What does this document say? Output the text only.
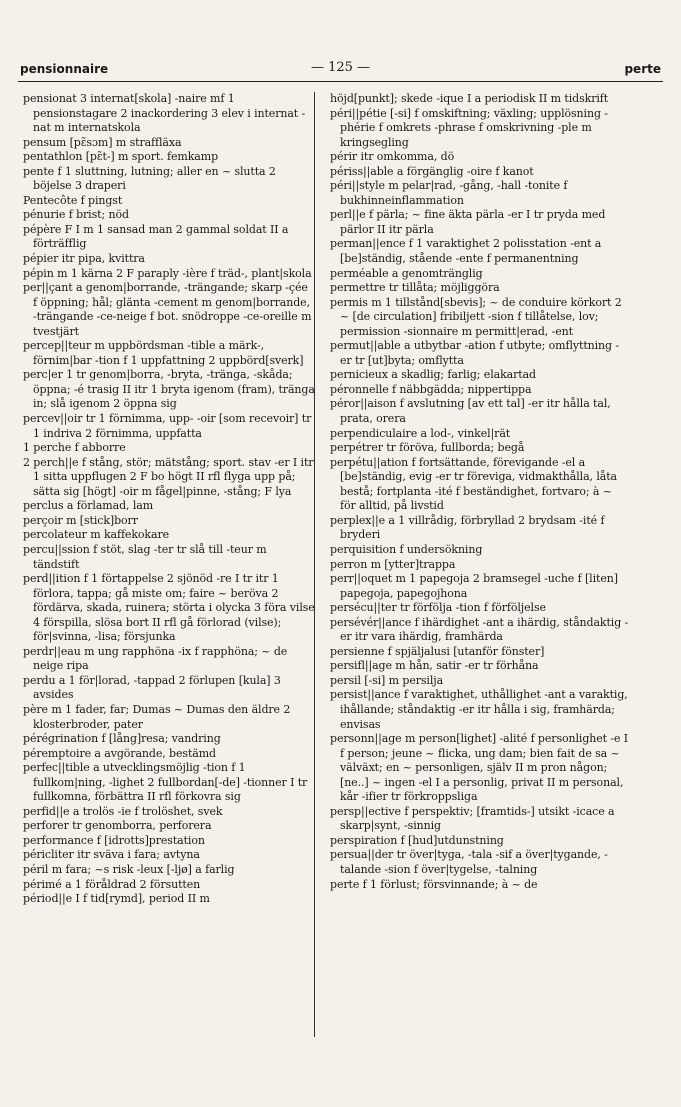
pensionnaire	— 125 —	perte

pensionat 3 internat[skola] -naire mf 1 pensionstagare 2 inackordering 3 elev i internat -nat m internatskola

pensum [pɛ̃sɔm] m straffläxa

pentathlon [pɛ̃t-] m sport. femkamp

pente f 1 sluttning, lutning; aller en ~ slutta 2 böjelse 3 draperi

Pentecôte f pingst

pénurie f brist; nöd

pépère F I m 1 sansad man 2 gammal soldat II a förträfflig

pépier itr pipa, kvittra

pépin m 1 kärna 2 F paraply -ière f träd-, plant|skola

per||çant a genom|borrande, -trängande; skarp -çée f öppning; hål; glänta -cement m genom|borrande, -trängande -ce-neige f bot. snödroppe -ce-oreille m tvestjärt

percep||teur m uppbördsman -tible a märk-, förnim|bar -tion f 1 uppfattning 2 uppbörd[sverk]

perc|er 1 tr genom|borra, -bryta, -tränga, -skåda; öppna; -é trasig II itr 1 bryta igenom (fram), tränga in; slå igenom 2 öppna sig

percev||oir tr 1 förnimma, upp- -oir [som recevoir] tr 1 indriva 2 förnimma, uppfatta

1 perche f abborre

2 perch||e f stång, stör; mätstång; sport. stav -er I itr 1 sitta uppflugen 2 F bo högt II rfl flyga upp på; sätta sig [högt] -oir m fågel|pinne, -stång; F lya

perclus a förlamad, lam

perçoir m [stick]borr

percolateur m kaffekokare

percu||ssion f stöt, slag -ter tr slå till -teur m tändstift

perd||ition f 1 förtappelse 2 sjönöd -re I tr itr 1 förlora, tappa; gå miste om; faire ~ beröva 2 fördärva, skada, ruinera; störta i olycka 3 föra vilse 4 förspilla, slösa bort II rfl gå förlorad (vilse); för|svinna, -lisa; försjunka

perdr||eau m ung rapphöna -ix f rapphöna; ~ de neige ripa

perdu a 1 för|lorad, -tappad 2 förlupen [kula] 3 avsides

père m 1 fader, far; Dumas ~ Dumas den äldre 2 klosterbroder, pater

pérégrination f [lång]resa; vandring

péremptoire a avgörande, bestämd

perfec||tible a utvecklingsmöjlig -tion f 1 fullkom|ning, -lighet 2 fullbordan[-de] -tionner I tr fullkomna, förbättra II rfl förkovra sig

perfid||e a trolös -ie f trolöshet, svek

perforer tr genomborra, perforera

performance f [idrotts]prestation

péricliter itr sväva i fara; avtyna

péril m fara; ~s risk -leux [-ljø] a farlig

périmé a 1 föråldrad 2 försutten

périod||e I f tid[rymd], period II m

höjd[punkt]; skede -ique I a periodisk II m tidskrift

péri||pétie [-si] f omskiftning; växling; upplösning -phérie f omkrets -phrase f omskrivning -ple m kringsegling

périr itr omkomma, dö

périss||able a förgänglig -oire f kanot

péri||style m pelar|rad, -gång, -hall -tonite f bukhinneinflammation

perl||e f pärla; ~ fine äkta pärla -er I tr pryda med pärlor II itr pärla

perman||ence f 1 varaktighet 2 polisstation -ent a [be]ständig, stående -ente f permanentning

perméable a genomtränglig

permettre tr tillåta; möjliggöra

permis m 1 tillstånd[sbevis]; ~ de conduire körkort 2 ~ [de circulation] fribiljett -sion f tillåtelse, lov; permission -sionnaire m permitt|erad, -ent

permut||able a utbytbar -ation f utbyte; omflyttning -er tr [ut]byta; omflytta

pernicieux a skadlig; farlig; elakartad

péronnelle f näbbgädda; nippertippa

péror||aison f avslutning [av ett tal] -er itr hålla tal, prata, orera

perpendiculaire a lod-, vinkel|rät

perpétrer tr föröva, fullborda; begå

perpétu||ation f fortsättande, förevigande -el a [be]ständig, evig -er tr föreviga, vidmakthålla, låta bestå; fortplanta -ité f beständighet, fortvaro; à ~ för alltid, på livstid

perplex||e a 1 villrådig, förbryllad 2 brydsam -ité f bryderi

perquisition f undersökning

perron m [ytter]trappa

perr||oquet m 1 papegoja 2 bramsegel -uche f [liten] papegoja, papegojhona

persécu||ter tr förfölja -tion f förföljelse

persévér||ance f ihärdighet -ant a ihärdig, ståndaktig -er itr vara ihärdig, framhärda

persienne f spjäljalusi [utanför fönster]

persifl||age m hån, satir -er tr förhåna

persil [-si] m persilja

persist||ance f varaktighet, uthållighet -ant a varaktig, ihållande; ståndaktig -er itr hålla i sig, framhärda; envisas

personn||age m person[lighet] -alité f personlighet -e I f person; jeune ~ flicka, ung dam; bien fait de sa ~ välväxt; en ~ personligen, själv II m pron någon; [ne..] ~ ingen -el I a personlig, privat II m personal, kår -ifier tr förkroppsliga

persp||ective f perspektiv; [framtids-] utsikt -icace a skarp|synt, -sinnig

perspiration f [hud]utdunstning

persua||der tr över|tyga, -tala -sif a över|tygande, -talande -sion f över|tygelse, -talning

perte f 1 förlust; försvinnande; à ~ de
